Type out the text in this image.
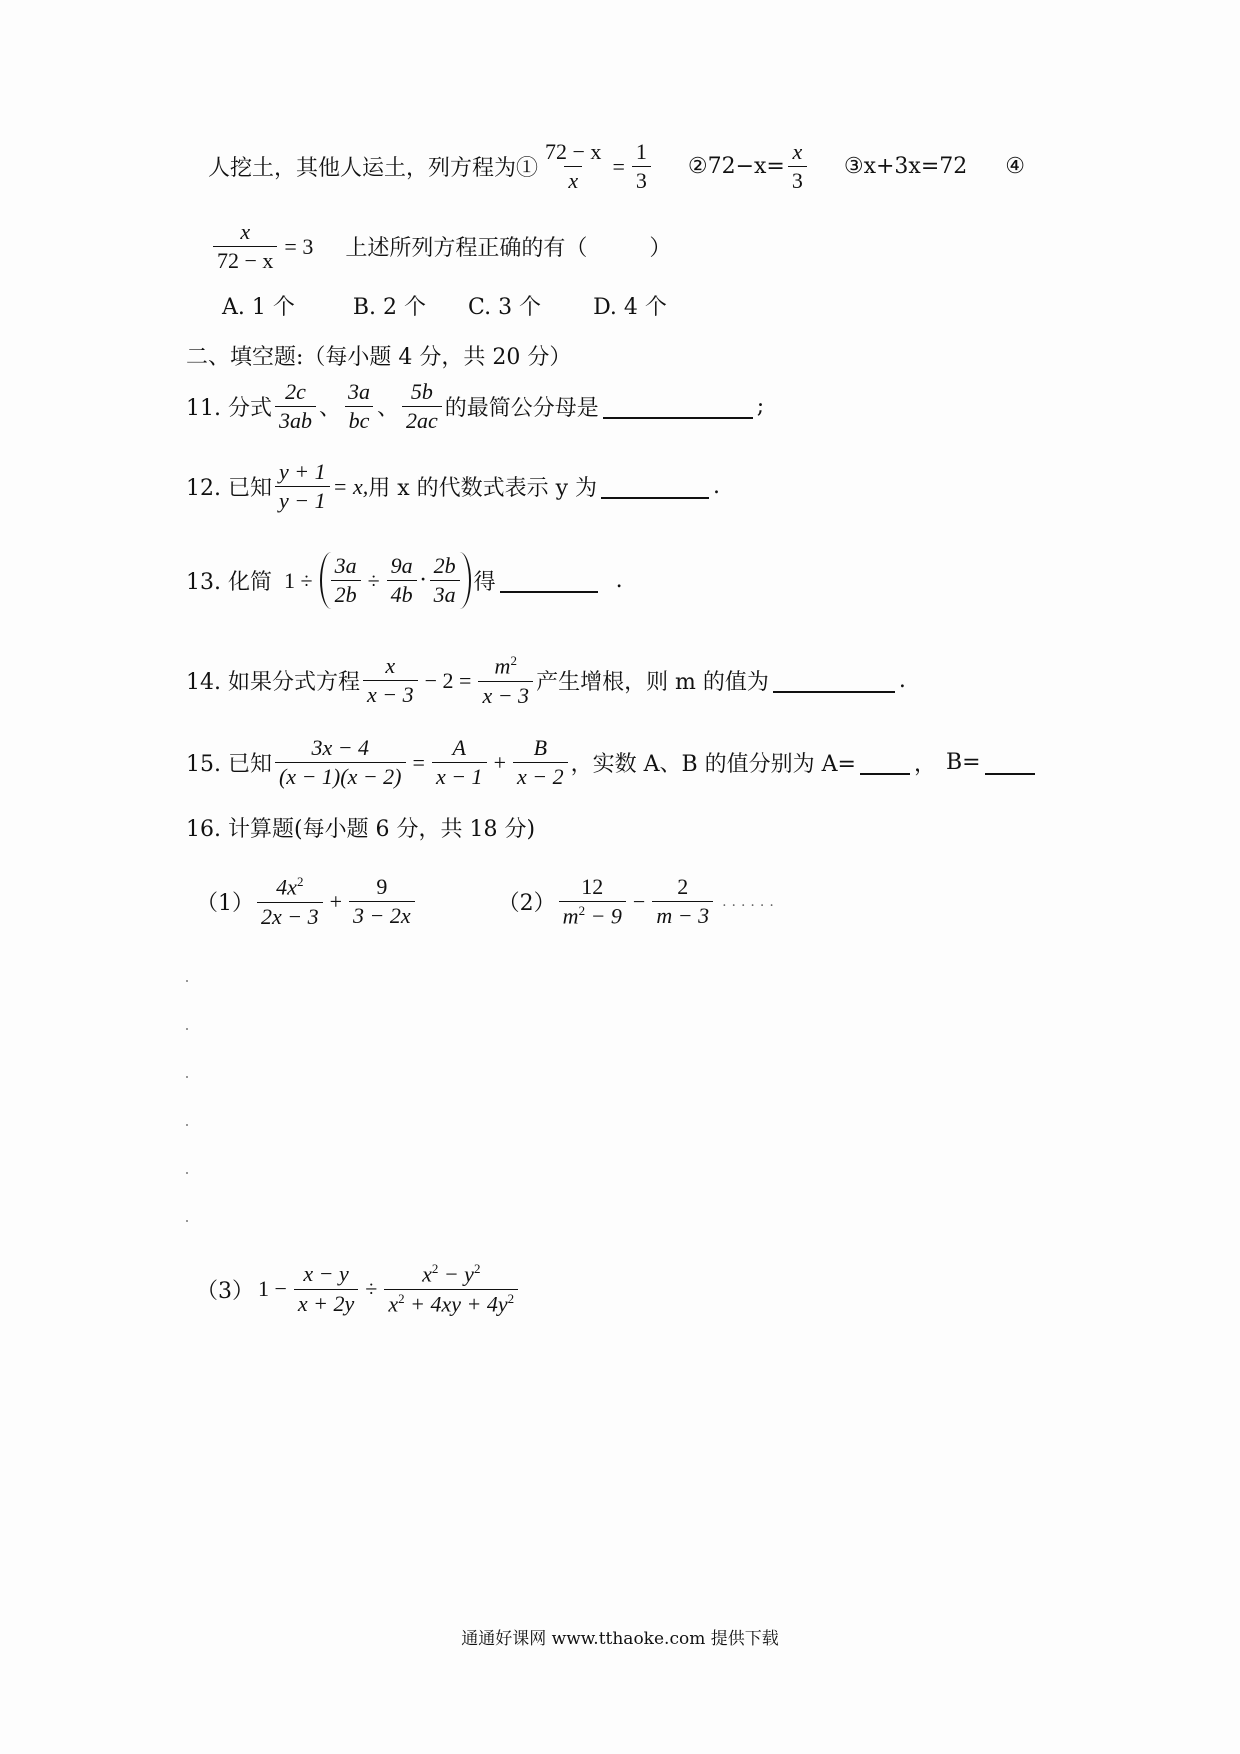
人挖土，其他人运土，列方程为① $\frac{72 - x}{x} = \frac{1}{3}$ ②72−x= $\frac{x}{3}$ ③x+3x=72 ④
$\frac{x}{72 - x} = 3$ 上述所列方程正确的有（	）
A. 1 个	B. 2 个 C. 3 个 D. 4 个
二、填空题:（每小题 4 分，共 20 分）
11. 分式 $\frac{2c}{3ab}$ 、 $\frac{3a}{bc}$ 、 $\frac{5b}{2ac}$ 的最简公分母是	;
12. 已知 $\frac{y + 1}{y - 1} = x$, 用 x 的代数式表示 y 为	.
13. 化简 $1 \div \frac{3a}{2b} \div \frac{9a}{4b} \cdot \frac{2b}{3a}$ 得	.
14. 如果分式方程 $\frac{x}{x - 3} - 2 = \frac{m^2}{x - 3}$ 产生增根，则 m 的值为	.
15. 已知 $\frac{3x - 4}{(x - 1)(x - 2)} = \frac{A}{x - 1} + \frac{B}{x - 2}$ ，实数 A、B 的值分别为 A=	， B=
16. 计算题(每小题 6 分，共 18 分)
$(1) \frac{4x^2}{2x - 3} + \frac{9}{3 - 2x}$	$(2) \frac{12}{m^2 - 9} - \frac{2}{m - 3}$ ......
（3） $1 - \frac{x - y}{x + 2y} \div \frac{x^2 - y^2}{x^2 + 4xy + 4y^2}$
通通好课网 www.tthaoke.com 提供下载
